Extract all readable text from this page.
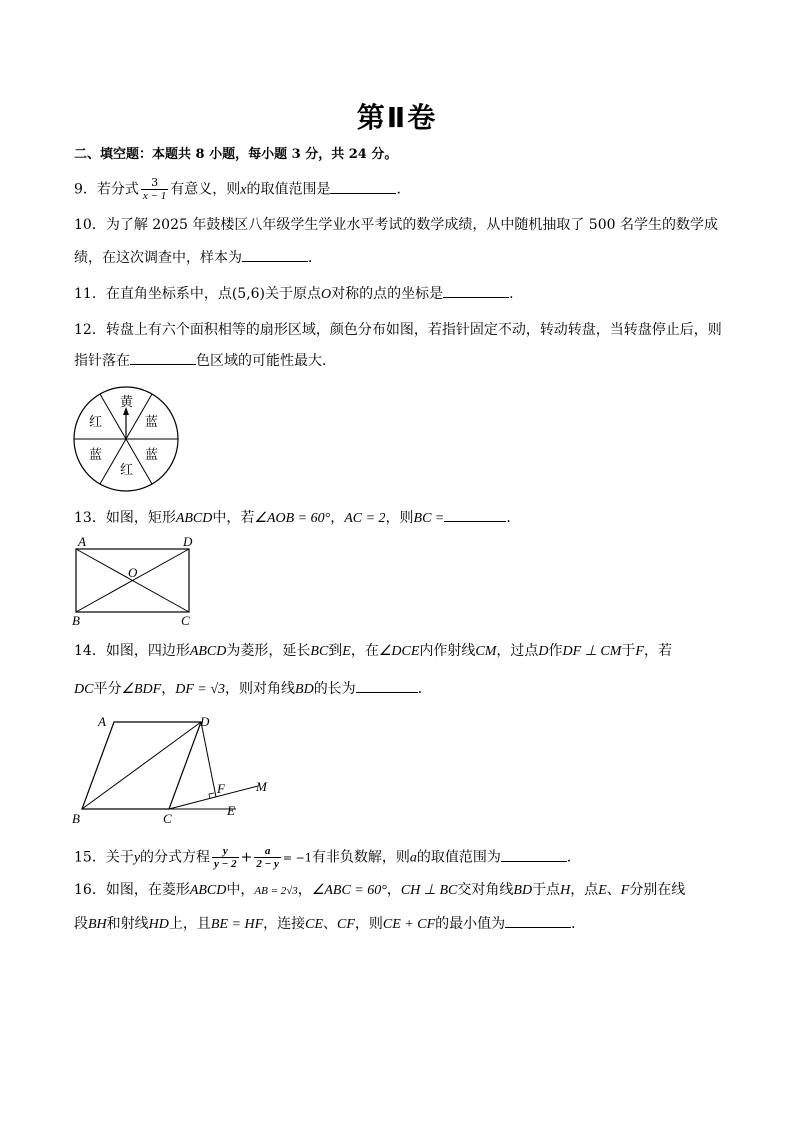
第Ⅱ卷
二、填空题：本题共 8 小题，每小题 3 分，共 24 分。
9．若分式 $\frac{3}{x - 1}$ 有意义，则x的取值范围是	．
10．为了解 2025 年鼓楼区八年级学生学业水平考试的数学成绩，从中随机抽取了 500 名学生的数学成
绩，在这次调查中，样本为	．
11．在直角坐标系中，点(5,6)关于原点O对称的点的坐标是	．
12．转盘上有六个面积相等的扇形区域，颜色分布如图，若指针固定不动，转动转盘，当转盘停止后，则
指针落在	色区域的可能性最大．
黄
蓝
蓝
红
蓝
红
13．如图，矩形ABCD中，若∠AOB = 60°，AC = 2，则BC =	．
A	D
O
B	C
14．如图，四边形ABCD为菱形，延长BC到E，在∠DCE内作射线CM，过点D作DF ⊥ CM于F，若
DC平分∠BDF，DF = √3，则对角线BD的长为	．
A	D
B	C
E
F M
15．关于y的分式方程 $\frac{y}{y - 2} + \frac{a}{2 - y} = -1$有非负数解，则a的取值范围为	．
16．如图，在菱形ABCD中，AB = 2√3，∠ABC = 60°，CH ⊥ BC交对角线BD于点H，点E、F分别在线
段BH和射线HD上，且BE = HF，连接CE、CF，则CE + CF的最小值为	．
